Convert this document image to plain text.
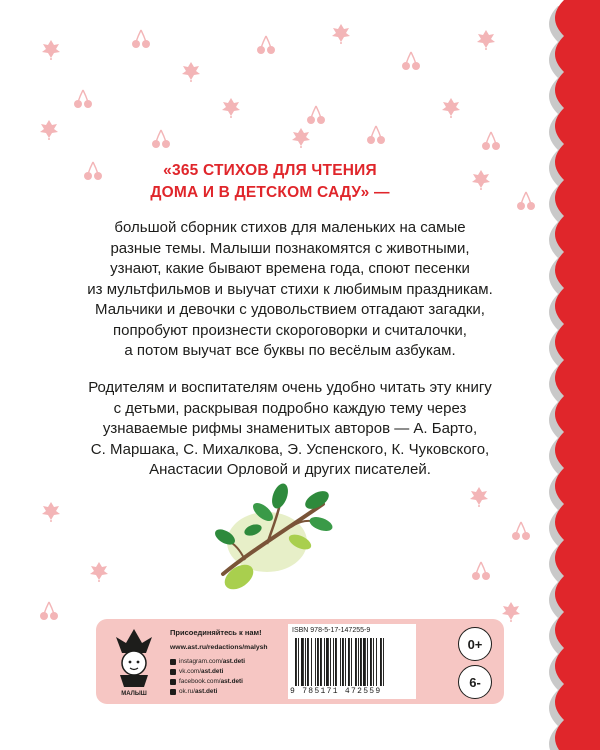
«365 СТИХОВ ДЛЯ ЧТЕНИЯ
ДОМА И В ДЕТСКОМ САДУ» —
большой сборник стихов для маленьких на самые
разные темы. Малыши познакомятся с животными,
узнают, какие бывают времена года, споют песенки
из мультфильмов и выучат стихи к любимым праздникам.
Мальчики и девочки с удовольствием отгадают загадки,
попробуют произнести скороговорки и считалочки,
а потом выучат все буквы по весёлым азбукам.
Родителям и воспитателям очень удобно читать эту книгу
с детьми, раскрывая подробно каждую тему через
узнаваемые рифмы знаменитых авторов — А. Барто,
С. Маршака, С. Михалкова, Э. Успенского, К. Чуковского,
Анастасии Орловой и других писателей.
МАЛЫШ
Присоединяйтесь к нам!
www.ast.ru/redactions/malysh
instagram.com/ ast.deti
vk.com/ ast.deti
facebook.com/ ast.deti
ok.ru/ ast.deti
ISBN 978-5-17-147255-9
9 785171 472559
0+
6-
